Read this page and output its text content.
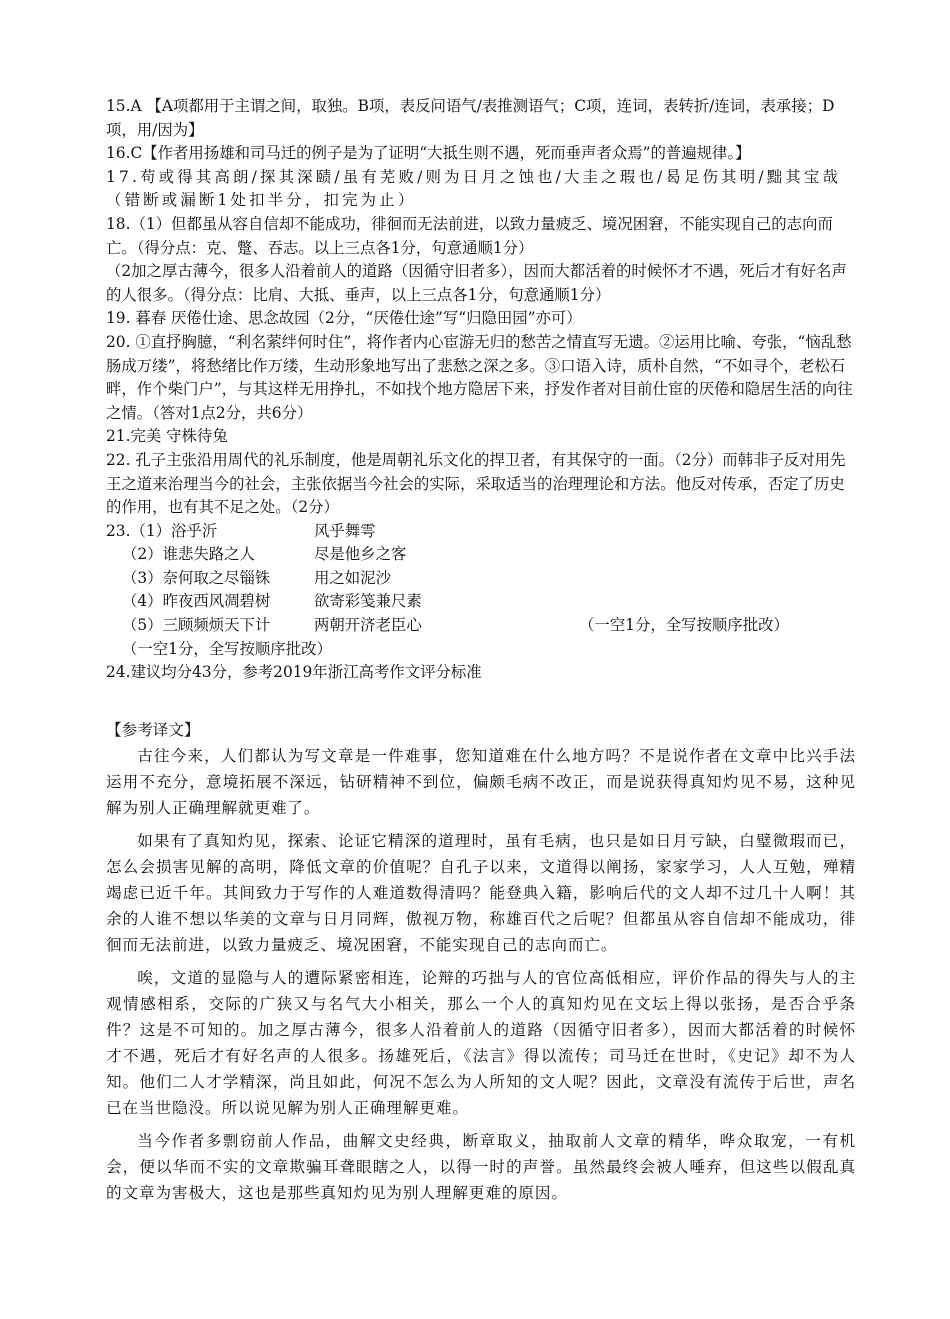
15.A 【A项都用于主谓之间，取独。B项，表反问语气/表推测语气；C项，连词，表转折/连词，表承接；D项，用/因为】

16.C【作者用扬雄和司马迁的例子是为了证明“大抵生则不遇，死而垂声者众焉”的普遍规律。】

17.苟或得其高朗/探其深赜/虽有芜败/则为日月之蚀也/大圭之瑕也/曷足伤其明/黜其宝哉 （错断或漏断1处扣半分，扣完为止）

18.（1）但都虽从容自信却不能成功，徘徊而无法前进，以致力量疲乏、境况困窘，不能实现自己的志向而亡。（得分点：克、蹩、吞志。以上三点各1分，句意通顺1分）

（2加之厚古薄今，很多人沿着前人的道路（因循守旧者多），因而大都活着的时候怀才不遇，死后才有好名声的人很多。（得分点：比肩、大抵、垂声，以上三点各1分，句意通顺1分）

19. 暮春 厌倦仕途、思念故园（2分，“厌倦仕途”写“归隐田园”亦可）

20. ①直抒胸臆，“利名萦绊何时住”，将作者内心宦游无归的愁苦之情直写无遗。②运用比喻、夸张，“恼乱愁肠成万缕”，将愁绪比作万缕，生动形象地写出了悲愁之深之多。③口语入诗，质朴自然，“不如寻个，老松石畔，作个柴门户”，与其这样无用挣扎，不如找个地方隐居下来，抒发作者对目前仕宦的厌倦和隐居生活的向往之情。（答对1点2分，共6分）

21.完美 守株待兔

22. 孔子主张沿用周代的礼乐制度，他是周朝礼乐文化的捍卫者，有其保守的一面。（2分）而韩非子反对用先王之道来治理当今的社会，主张依据当今社会的实际，采取适当的治理理论和方法。他反对传承，否定了历史的作用，也有其不足之处。（2分）

23.（1）浴乎沂	风乎舞雩
（2）谁悲失路之人	尽是他乡之客
（3）奈何取之尽锱铢	用之如泥沙
（4）昨夜西风凋碧树	欲寄彩笺兼尺素
（5）三顾频烦天下计	两朝开济老臣心	（一空1分，全写按顺序批改）
（一空1分，全写按顺序批改）

24.建议均分43分，参考2019年浙江高考作文评分标准

【参考译文】

古往今来，人们都认为写文章是一件难事，您知道难在什么地方吗？不是说作者在文章中比兴手法运用不充分，意境拓展不深远，钻研精神不到位，偏颇毛病不改正，而是说获得真知灼见不易，这种见解为别人正确理解就更难了。

如果有了真知灼见，探索、论证它精深的道理时，虽有毛病，也只是如日月亏缺，白璧微瑕而已，怎么会损害见解的高明，降低文章的价值呢？自孔子以来，文道得以阐扬，家家学习，人人互勉，殚精竭虑已近千年。其间致力于写作的人难道数得清吗？能登典入籍，影响后代的文人却不过几十人啊！其余的人谁不想以华美的文章与日月同辉，傲视万物，称雄百代之后呢？但都虽从容自信却不能成功，徘徊而无法前进，以致力量疲乏、境况困窘，不能实现自己的志向而亡。

唉，文道的显隐与人的遭际紧密相连，论辩的巧拙与人的官位高低相应，评价作品的得失与人的主观情感相系，交际的广狭又与名气大小相关，那么一个人的真知灼见在文坛上得以张扬，是否合乎条件？这是不可知的。加之厚古薄今，很多人沿着前人的道路（因循守旧者多），因而大都活着的时候怀才不遇，死后才有好名声的人很多。扬雄死后，《法言》得以流传；司马迁在世时，《史记》却不为人知。他们二人才学精深，尚且如此，何况不怎么为人所知的文人呢？因此，文章没有流传于后世，声名已在当世隐没。所以说见解为别人正确理解更难。

当今作者多剽窃前人作品，曲解文史经典，断章取义，抽取前人文章的精华，哗众取宠，一有机会，便以华而不实的文章欺骗耳聋眼瞎之人，以得一时的声誉。虽然最终会被人唾弃，但这些以假乱真的文章为害极大，这也是那些真知灼见为别人理解更难的原因。
